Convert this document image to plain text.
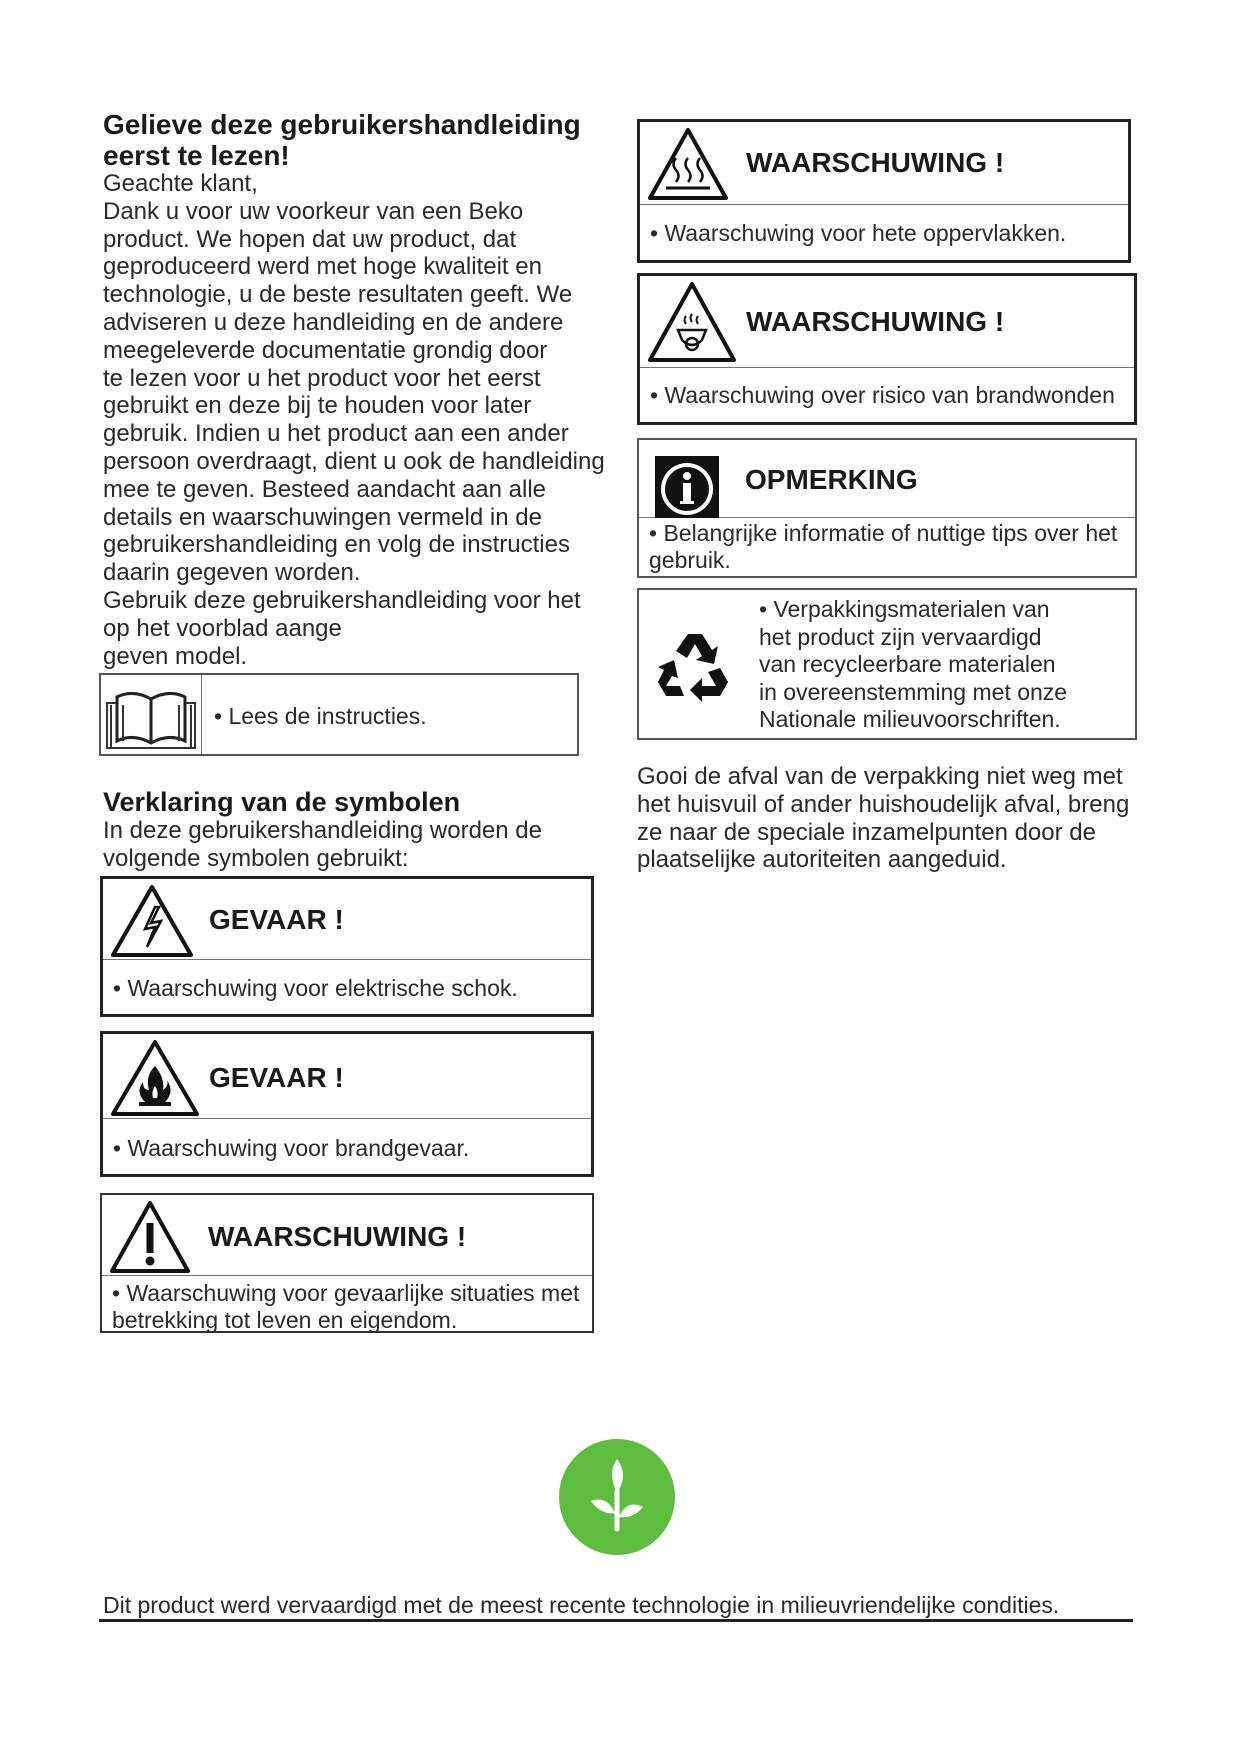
Gelieve deze gebruikershandleiding
eerst te lezen!
Geachte klant,
Dank u voor uw voorkeur van een Beko
product. We hopen dat uw product, dat
geproduceerd werd met hoge kwaliteit en
technologie, u de beste resultaten geeft. We
adviseren u deze handleiding en de andere
meegeleverde documentatie grondig door
te lezen voor u het product voor het eerst
gebruikt en deze bij te houden voor later
gebruik. Indien u het product aan een ander
persoon overdraagt, dient u ook de handleiding
mee te geven. Besteed aandacht aan alle
details en waarschuwingen vermeld in de
gebruikershandleiding en volg de instructies
daarin gegeven worden.
Gebruik deze gebruikershandleiding voor het
op het voorblad aange
geven model.
• Lees de instructies.
Verklaring van de symbolen
In deze gebruikershandleiding worden de
volgende symbolen gebruikt:
GEVAAR !
• Waarschuwing voor elektrische schok.
GEVAAR !
• Waarschuwing voor brandgevaar.
WAARSCHUWING !
• Waarschuwing voor gevaarlijke situaties met
betrekking tot leven en eigendom.
WAARSCHUWING !
• Waarschuwing voor hete oppervlakken.
WAARSCHUWING !
• Waarschuwing over risico van brandwonden
OPMERKING
• Belangrijke informatie of nuttige tips over het
gebruik.
• Verpakkingsmaterialen van
het product zijn vervaardigd
van recycleerbare materialen
in overeenstemming met onze
Nationale milieuvoorschriften.
Gooi de afval van de verpakking niet weg met
het huisvuil of ander huishoudelijk afval, breng
ze naar de speciale inzamelpunten door de
plaatselijke autoriteiten aangeduid.
Dit product werd vervaardigd met de meest recente technologie in milieuvriendelijke condities.
